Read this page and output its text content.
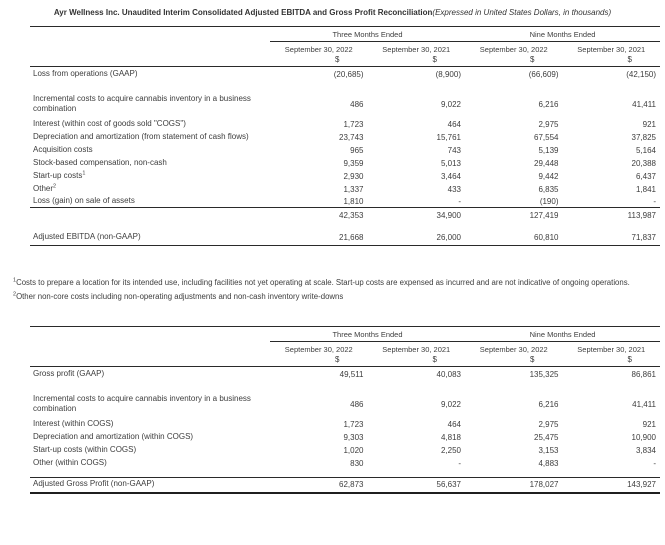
Ayr Wellness Inc. Unaudited Interim Consolidated Adjusted EBITDA and Gross Profit Reconciliation(Expressed in United States Dollars, in thousands)
Three Months Ended	Nine Months Ended
September 30, 2022	September 30, 2021	September 30, 2022	September 30, 2021
$	$	$	$
Loss from operations (GAAP)	(20,685)	(8,900)	(66,609)	(42,150)
Incremental costs to acquire cannabis inventory in a business combination	486	9,022	6,216	41,411
Interest (within cost of goods sold "COGS")	1,723	464	2,975	921
Depreciation and amortization (from statement of cash flows)	23,743	15,761	67,554	37,825
Acquisition costs	965	743	5,139	5,164
Stock-based compensation, non-cash	9,359	5,013	29,448	20,388
Start-up costs$^1$	2,930	3,464	9,442	6,437
Other$^2$	1,337	433	6,835	1,841
Loss (gain) on sale of assets	1,810	-	(190)	-
42,353	34,900	127,419	113,987
Adjusted EBITDA (non-GAAP)	21,668	26,000	60,810	71,837

$^1$Costs to prepare a location for its intended use, including facilities not yet operating at scale. Start-up costs are expensed as incurred and are not indicative of ongoing operations.

$^2$Other non-core costs including non-operating adjustments and non-cash inventory write-downs

Three Months Ended	Nine Months Ended
September 30, 2022	September 30, 2021	September 30, 2022	September 30, 2021
$	$	$	$
Gross profit (GAAP)	49,511	40,083	135,325	86,861
Incremental costs to acquire cannabis inventory in a business combination	486	9,022	6,216	41,411
Interest (within COGS)	1,723	464	2,975	921
Depreciation and amortization (within COGS)	9,303	4,818	25,475	10,900
Start-up costs (within COGS)	1,020	2,250	3,153	3,834
Other (within COGS)	830	-	4,883	-
Adjusted Gross Profit (non-GAAP)	62,873	56,637	178,027	143,927
